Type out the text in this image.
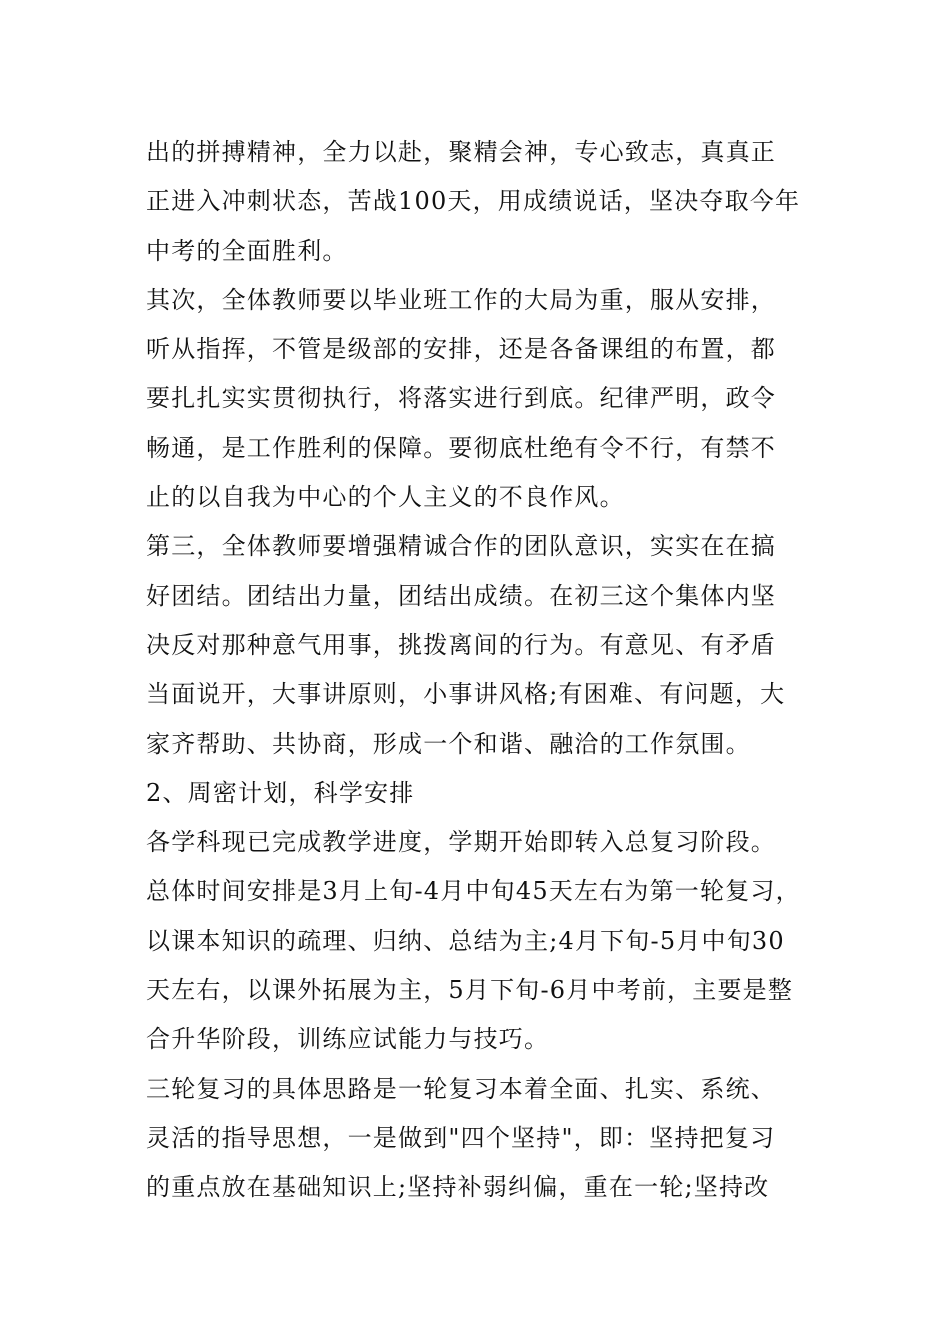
出的拼搏精神，全力以赴，聚精会神，专心致志，真真正
正进入冲刺状态，苦战100天，用成绩说话，坚决夺取今年
中考的全面胜利。
其次，全体教师要以毕业班工作的大局为重，服从安排，
听从指挥，不管是级部的安排，还是各备课组的布置，都
要扎扎实实贯彻执行，将落实进行到底。纪律严明，政令
畅通，是工作胜利的保障。要彻底杜绝有令不行，有禁不
止的以自我为中心的个人主义的不良作风。
第三，全体教师要增强精诚合作的团队意识，实实在在搞
好团结。团结出力量，团结出成绩。在初三这个集体内坚
决反对那种意气用事，挑拨离间的行为。有意见、有矛盾
当面说开，大事讲原则，小事讲风格;有困难、有问题，大
家齐帮助、共协商，形成一个和谐、融洽的工作氛围。
2、周密计划，科学安排
各学科现已完成教学进度，学期开始即转入总复习阶段。
总体时间安排是3月上旬-4月中旬45天左右为第一轮复习，
以课本知识的疏理、归纳、总结为主;4月下旬-5月中旬30
天左右，以课外拓展为主，5月下旬-6月中考前，主要是整
合升华阶段，训练应试能力与技巧。
三轮复习的具体思路是一轮复习本着全面、扎实、系统、
灵活的指导思想，一是做到"四个坚持"，即：坚持把复习
的重点放在基础知识上;坚持补弱纠偏，重在一轮;坚持改
